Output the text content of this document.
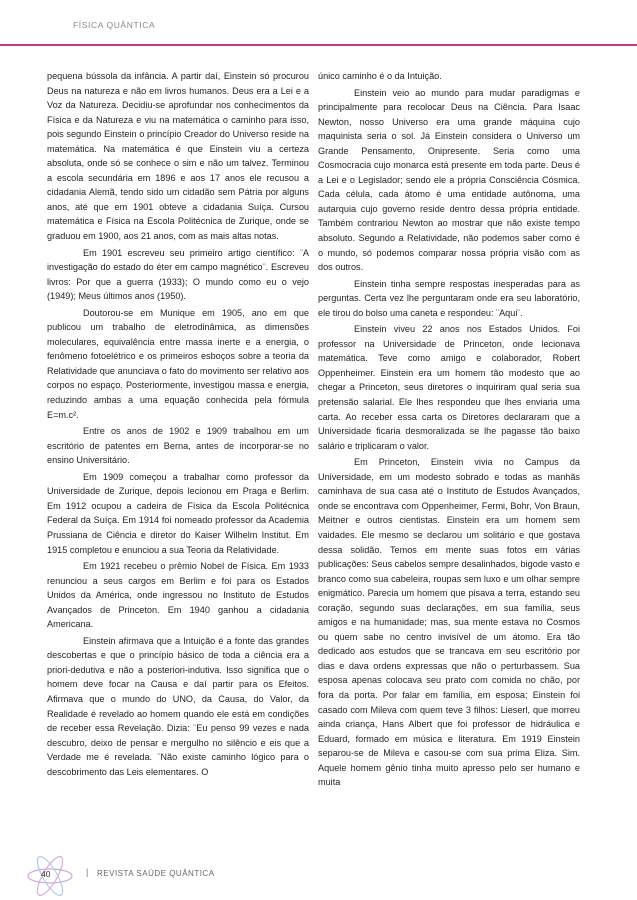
FÍSICA QUÂNTICA

pequena bússola da infância. A partir daí, Einstein só procurou Deus na natureza e não em livros humanos. Deus era a Lei e a Voz da Natureza. Decidiu-se aprofundar nos conhecimentos da Física e da Natureza e viu na matemática o caminho para isso, pois segundo Einstein o princípio Creador do Universo reside na matemática. Na matemática é que Einstein viu a certeza absoluta, onde só se conhece o sim e não um talvez. Terminou a escola secundária em 1896 e aos 17 anos ele recusou a cidadania Alemã, tendo sido um cidadão sem Pátria por alguns anos, até que em 1901 obteve a cidadania Suíça. Cursou matemática e Física na Escola Politécnica de Zurique, onde se graduou em 1900, aos 21 anos, com as mais altas notas.

Em 1901 escreveu seu primeiro artigo científico: ¨A investigação do estado do éter em campo magnético¨. Escreveu livros: Por que a guerra (1933); O mundo como eu o vejo (1949); Meus últimos anos (1950).

Doutorou-se em Munique em 1905, ano em que publicou um trabalho de eletrodinâmica, as dimensões moleculares, equivalência entre massa inerte e a energia, o fenômeno fotoelétrico e os primeiros esboços sobre a teoria da Relatividade que anunciava o fato do movimento ser relativo aos corpos no espaço. Posteriormente, investigou massa e energia, reduzindo ambas a uma equação conhecida pela fórmula E=m.c².

Entre os anos de 1902 e 1909 trabalhou em um escritório de patentes em Berna, antes de incorporar-se no ensino Universitário.

Em 1909 começou a trabalhar como professor da Universidade de Zurique, depois lecionou em Praga e Berlim. Em 1912 ocupou a cadeira de Física da Escola Politécnica Federal da Suíça. Em 1914 foi nomeado professor da Academia Prussiana de Ciência e diretor do Kaiser Wilhelm Institut. Em 1915 completou e enunciou a sua Teoria da Relatividade.

Em 1921 recebeu o prêmio Nobel de Física. Em 1933 renunciou a seus cargos em Berlim e foi para os Estados Unidos da América, onde ingressou no Instituto de Estudos Avançados de Princeton. Em 1940 ganhou a cidadania Americana.

Einstein afirmava que a Intuição é a fonte das grandes descobertas e que o princípio básico de toda a ciência era a priori-dedutiva e não a posteriori-indutiva. Isso significa que o homem deve focar na Causa e daí partir para os Efeitos. Afirmava que o mundo do UNO, da Causa, do Valor, da Realidade é revelado ao homem quando ele está em condições de receber essa Revelação. Dizia: ¨Eu penso 99 vezes e nada descubro, deixo de pensar e mergulho no silêncio e eis que a Verdade me é revelada. ¨Não existe caminho lógico para o descobrimento das Leis elementares. O

único caminho é o da Intuição.

Einstein veio ao mundo para mudar paradigmas e principalmente para recolocar Deus na Ciência. Para Isaac Newton, nosso Universo era uma grande máquina cujo maquinista seria o sol. Já Einstein considera o Universo um Grande Pensamento, Onipresente. Seria como uma Cosmocracia cujo monarca está presente em toda parte. Deus é a Lei e o Legislador; sendo ele a própria Consciência Cósmica. Cada célula, cada átomo é uma entidade autônoma, uma autarquia cujo governo reside dentro dessa própria entidade. Também contrariou Newton ao mostrar que não existe tempo absoluto. Segundo a Relatividade, não podemos saber como é o mundo, só podemos comparar nossa própria visão com as dos outros.

Einstein tinha sempre respostas inesperadas para as perguntas. Certa vez lhe perguntaram onde era seu laboratório, ele tirou do bolso uma caneta e respondeu: ¨Aqui¨.

Einstein viveu 22 anos nos Estados Unidos. Foi professor na Universidade de Princeton, onde lecionava matemática. Teve como amigo e colaborador, Robert Oppenheimer. Einstein era um homem tão modesto que ao chegar a Princeton, seus diretores o inquiriram qual seria sua pretensão salarial. Ele lhes respondeu que lhes enviaria uma carta. Ao receber essa carta os Diretores declararam que a Universidade ficaria desmoralizada se lhe pagasse tão baixo salário e triplicaram o valor.

Em Princeton, Einstein vivia no Campus da Universidade, em um modesto sobrado e todas as manhãs caminhava de sua casa até o Instituto de Estudos Avançados, onde se encontrava com Oppenheimer, Fermi, Bohr, Von Braun, Meitner e outros cientistas. Einstein era um homem sem vaidades. Ele mesmo se declarou um solitário e que gostava dessa solidão. Temos em mente suas fotos em várias publicações: Seus cabelos sempre desalinhados, bigode vasto e branco como sua cabeleira, roupas sem luxo e um olhar sempre enigmático. Parecia um homem que pisava a terra, estando seu coração, segundo suas declarações, em sua família, seus amigos e na humanidade; mas, sua mente estava no Cosmos ou quem sabe no centro invisível de um átomo. Era tão dedicado aos estudos que se trancava em seu escritório por dias e dava ordens expressas que não o perturbassem. Sua esposa apenas colocava seu prato com comida no chão, por fora da porta. Por falar em família, em esposa; Einstein foi casado com Mileva com quem teve 3 filhos: Lieserl, que morreu ainda criança, Hans Albert que foi professor de hidráulica e Eduard, formado em música e literatura. Em 1919 Einstein separou-se de Mileva e casou-se com sua prima Eliza. Sim. Aquele homem gênio tinha muito apresso pelo ser humano e muita

40	| REVISTA SAÚDE QUÂNTICA
